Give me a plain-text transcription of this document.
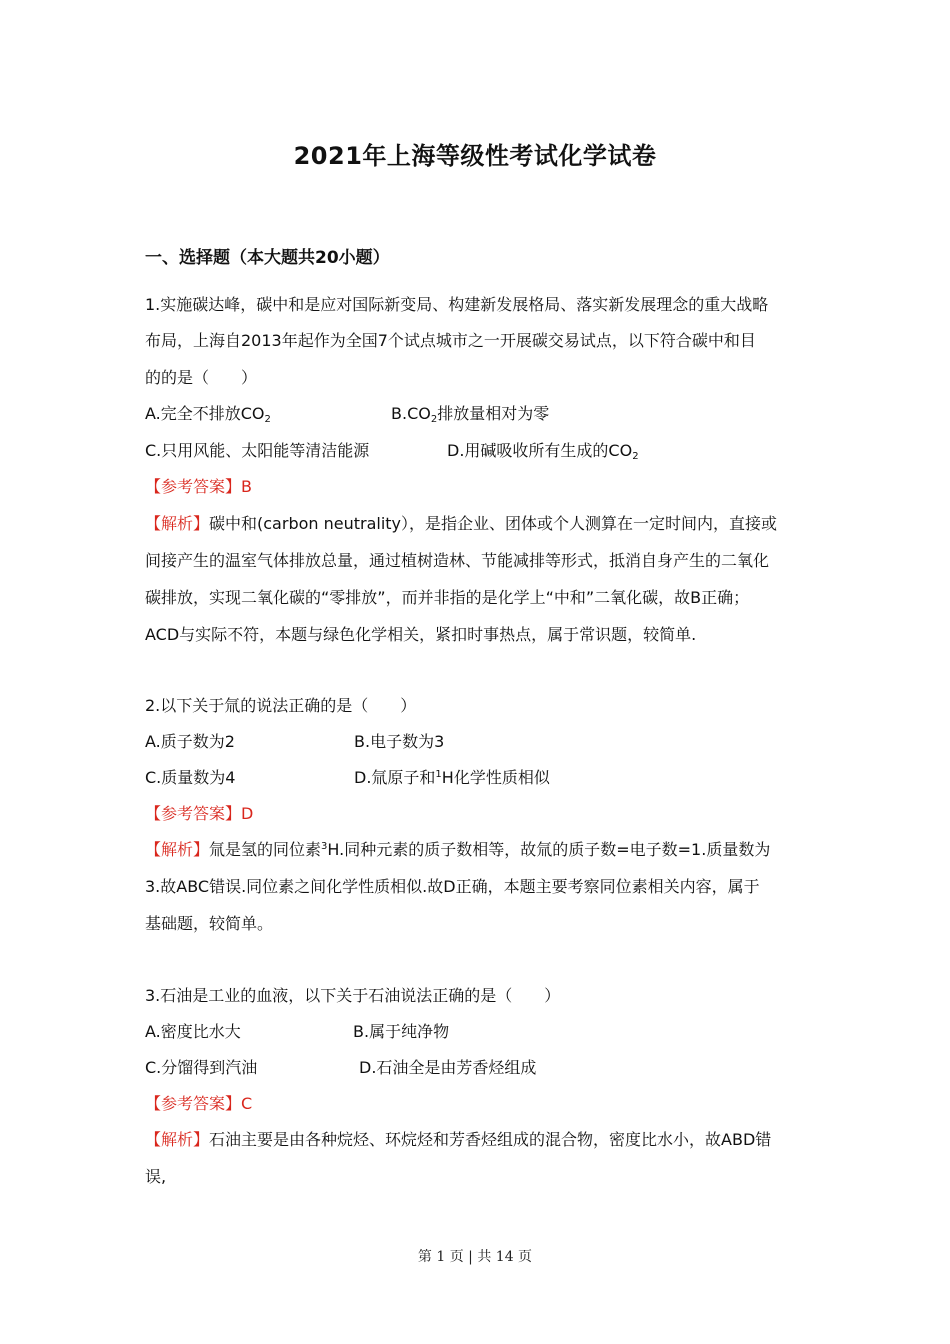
2021年上海等级性考试化学试卷
一、选择题（本大题共20小题）
1.实施碳达峰，碳中和是应对国际新变局、构建新发展格局、落实新发展理念的重大战略
布局，上海自2013年起作为全国7个试点城市之一开展碳交易试点，以下符合碳中和目
的的是（　　）
A.完全不排放$CO_2$	$B.CO_2$排放量相对为零
C.只用风能、太阳能等清洁能源	D.用碱吸收所有生成的$CO_2$
【参考答案】B
【解析】碳中和(carbon neutrality），是指企业、团体或个人测算在一定时间内，直接或
间接产生的温室气体排放总量，通过植树造林、节能减排等形式，抵消自身产生的二氧化
碳排放，实现二氧化碳的“零排放”，而并非指的是化学上“中和”二氧化碳，故B正确；
ACD与实际不符，本题与绿色化学相关，紧扣时事热点，属于常识题，较简单.
2.以下关于氚的说法正确的是（　　）
A.质子数为2	B.电子数为3
C.质量数为4	D.氚原子和$^1$H化学性质相似
【参考答案】D
【解析】氚是氢的同位素$^3$H.同种元素的质子数相等，故氚的质子数=电子数=1.质量数为
3.故ABC错误.同位素之间化学性质相似.故D正确，本题主要考察同位素相关内容，属于
基础题，较简单。
3.石油是工业的血液，以下关于石油说法正确的是（　　）
A.密度比水大	B.属于纯净物
C.分馏得到汽油	D.石油全是由芳香烃组成
【参考答案】C
【解析】石油主要是由各种烷烃、环烷烃和芳香烃组成的混合物，密度比水小，故ABD错
误,
第 1 页 | 共 14 页
